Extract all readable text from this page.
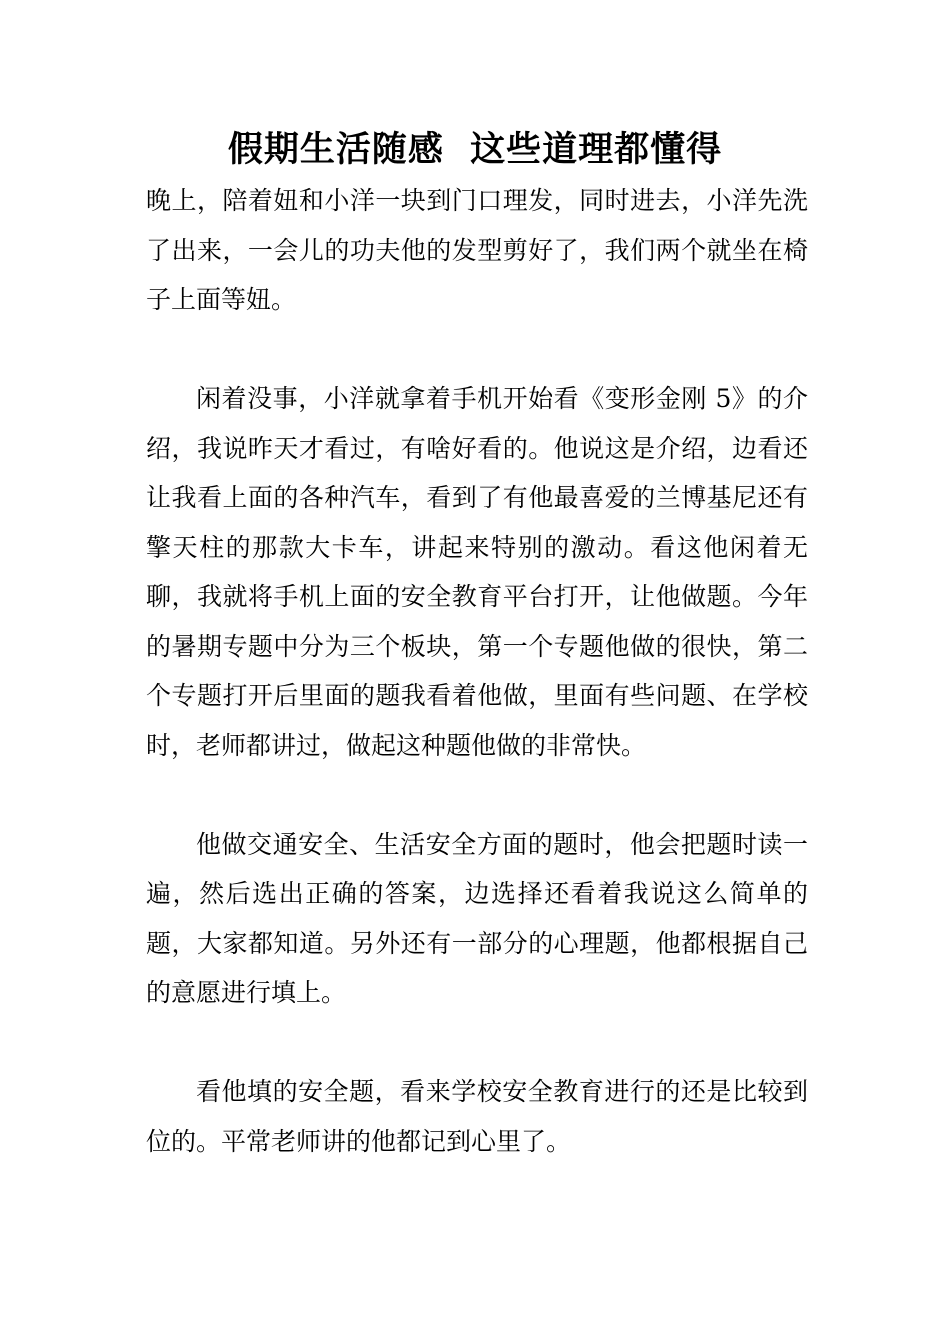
假期生活随感  这些道理都懂得

晚上，陪着妞和小洋一块到门口理发，同时进去，小洋先洗了出来，一会儿的功夫他的发型剪好了，我们两个就坐在椅子上面等妞。

闲着没事，小洋就拿着手机开始看《变形金刚 5》的介绍，我说昨天才看过，有啥好看的。他说这是介绍，边看还让我看上面的各种汽车，看到了有他最喜爱的兰博基尼还有擎天柱的那款大卡车，讲起来特别的激动。看这他闲着无聊，我就将手机上面的安全教育平台打开，让他做题。今年的暑期专题中分为三个板块，第一个专题他做的很快，第二个专题打开后里面的题我看着他做，里面有些问题、在学校时，老师都讲过，做起这种题他做的非常快。

他做交通安全、生活安全方面的题时，他会把题时读一遍，然后选出正确的答案，边选择还看着我说这么简单的题，大家都知道。另外还有一部分的心理题，他都根据自己的意愿进行填上。

看他填的安全题，看来学校安全教育进行的还是比较到位的。平常老师讲的他都记到心里了。
